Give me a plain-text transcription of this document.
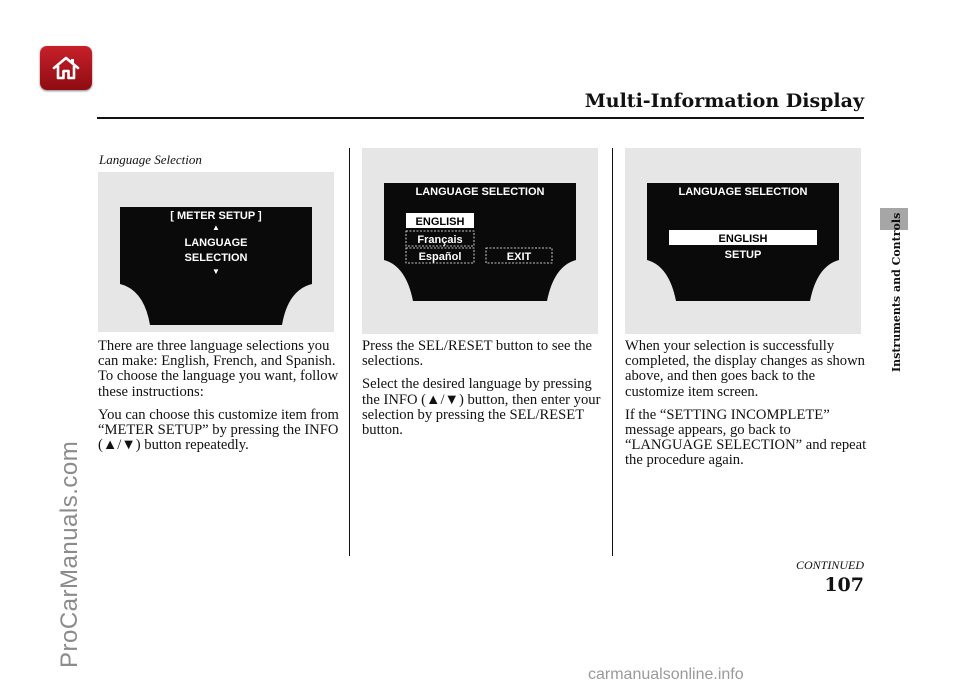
Multi-Information Display
Instruments and Controls
Language Selection
[ METER SETUP ]
▲
LANGUAGE
SELECTION
▼

There are three language selections you can make: English, French, and Spanish. To choose the language you want, follow these instructions:

You can choose this customize item from “METER SETUP” by pressing the INFO (▲/▼) button repeatedly.

LANGUAGE SELECTION
ENGLISH
Français
Español	EXIT

Press the SEL/RESET button to see the selections.

Select the desired language by pressing the INFO (▲/▼) button, then enter your selection by pressing the SEL/RESET button.

LANGUAGE SELECTION
ENGLISH
SETUP

When your selection is successfully completed, the display changes as shown above, and then goes back to the customize item screen.

If the “SETTING INCOMPLETE” message appears, go back to “LANGUAGE SELECTION” and repeat the procedure again.

CONTINUED
107
ProCarManuals.com
carmanualsonline.info
